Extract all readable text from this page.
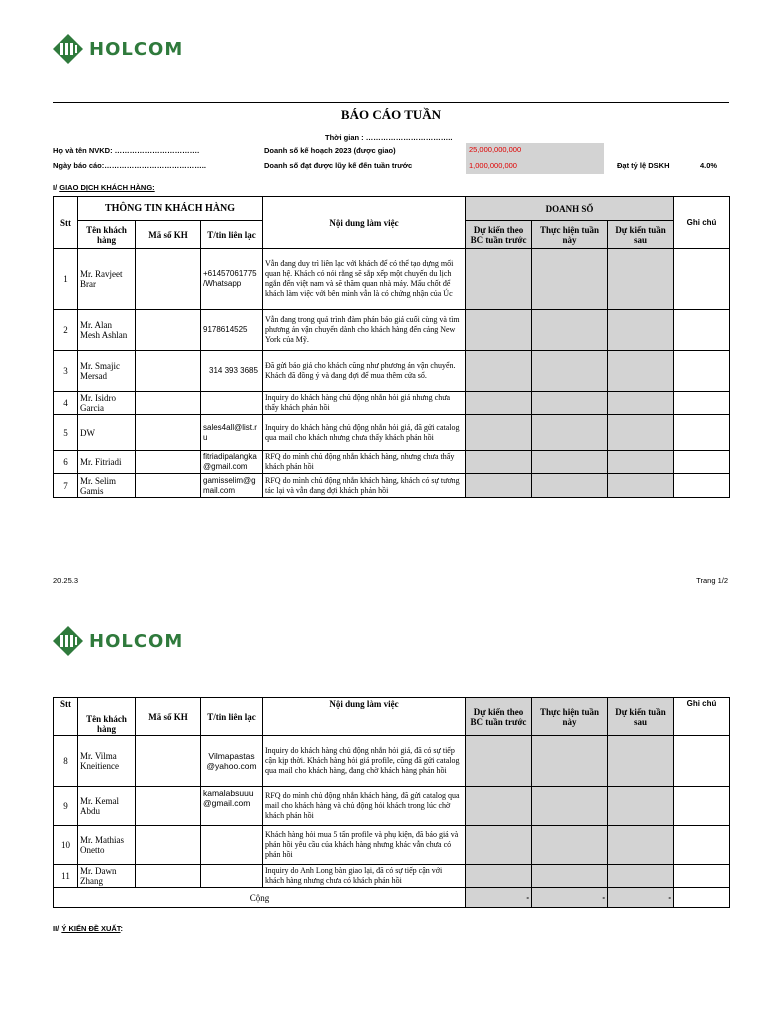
HOLCOM
BÁO CÁO TUẦN
Thời gian : ……………………………..
Họ và tên NVKD: …………………………….	Doanh số kế hoạch 2023 (được giao)	25,000,000,000
Ngày báo cáo:…………………………………..	Doanh số đạt được lũy kế đến tuần trước	1,000,000,000	Đạt tỷ lệ DSKH	4.0%
I/ GIAO DỊCH KHÁCH HÀNG:
Stt	THÔNG TIN KHÁCH HÀNG			Nội dung làm việc	DOANH SỐ			Ghi chú
	Tên khách hàng	Mã số KH	T/tin liên lạc		Dự kiến theo BC tuần trước	Thực hiện tuần này	Dự kiến tuần sau	
1	Mr. Ravjeet Brar		+61457061775 /Whatsapp	Vẫn đang duy trì liên lạc với khách để có thể tạo dựng mối quan hệ. Khách có nói rằng sẽ sắp xếp một chuyến du lịch ngắn đến việt nam và sẽ thăm quan nhà máy. Mấu chốt để khách làm việc với bên mình vẫn là có chứng nhận của Úc				
2	Mr. Alan Mesh Ashlan		9178614525	Vẫn đang trong quá trình đàm phán báo giá cuối cùng và tìm phương án vận chuyển dành cho khách hàng đến cảng New York của Mỹ.				
3	Mr. Smajic Mersad		314 393 3685	Đã gửi báo giá cho khách cũng như phương án vận chuyển. Khách đã đồng ý và đang đợi để mua thêm cửa sổ.				
4	Mr. Isidro Garcia			Inquiry do khách hàng chủ động nhắn hỏi giá nhưng chưa thấy khách phản hồi				
5	DW		sales4all@list.r u	Inquiry do khách hàng chủ động nhắn hỏi giá, đã gửi catalog qua mail cho khách nhưng chưa thấy khách phản hồi				
6	Mr. Fitriadi		fitriadipalangka @gmail.com	RFQ do mình chủ động nhắn khách hàng, nhưng chưa thấy khách phản hồi				
7	Mr. Selim Gamis		gamisselim@g mail.com	RFQ do mình chủ động nhắn khách hàng, khách có sự tương tác lại và vẫn đang đợi khách phản hồi				
20.25.3	Trang 1/2
HOLCOM
Stt	Tên khách hàng	Mã số KH	T/tin liên lạc	Nội dung làm việc	Dự kiến theo BC tuần trước	Thực hiện tuần này	Dự kiến tuần sau	Ghi chú
8	Mr. Vilma Kneitience		Vilmapastas @yahoo.com	Inquiry do khách hàng chủ động nhắn hỏi giá, đã có sự tiếp cận kịp thời. Khách hàng hỏi giá profile, cũng đã gửi catalog qua mail cho khách hàng, đang chờ khách hàng phản hồi				
9	Mr. Kemal Abdu		kamalabsuuu @gmail.com	RFQ do mình chủ động nhắn khách hàng, đã gửi catalog qua mail cho khách hàng và chủ động hỏi khách trong lúc chờ khách phản hồi				
10	Mr. Mathias Onetto			Khách hàng hỏi mua 5 tấn profile và phụ kiện, đã báo giá và phản hồi yêu cầu của khách hàng nhưng khác vẫn chưa có phản hồi				
11	Mr. Dawn Zhang			Inquiry do Anh Long bàn giao lại, đã có sự tiếp cận với khách hàng nhưng chưa có khách phản hồi				
Cộng					-	-	-	
II/ Ý KIẾN ĐỀ XUẤT:
